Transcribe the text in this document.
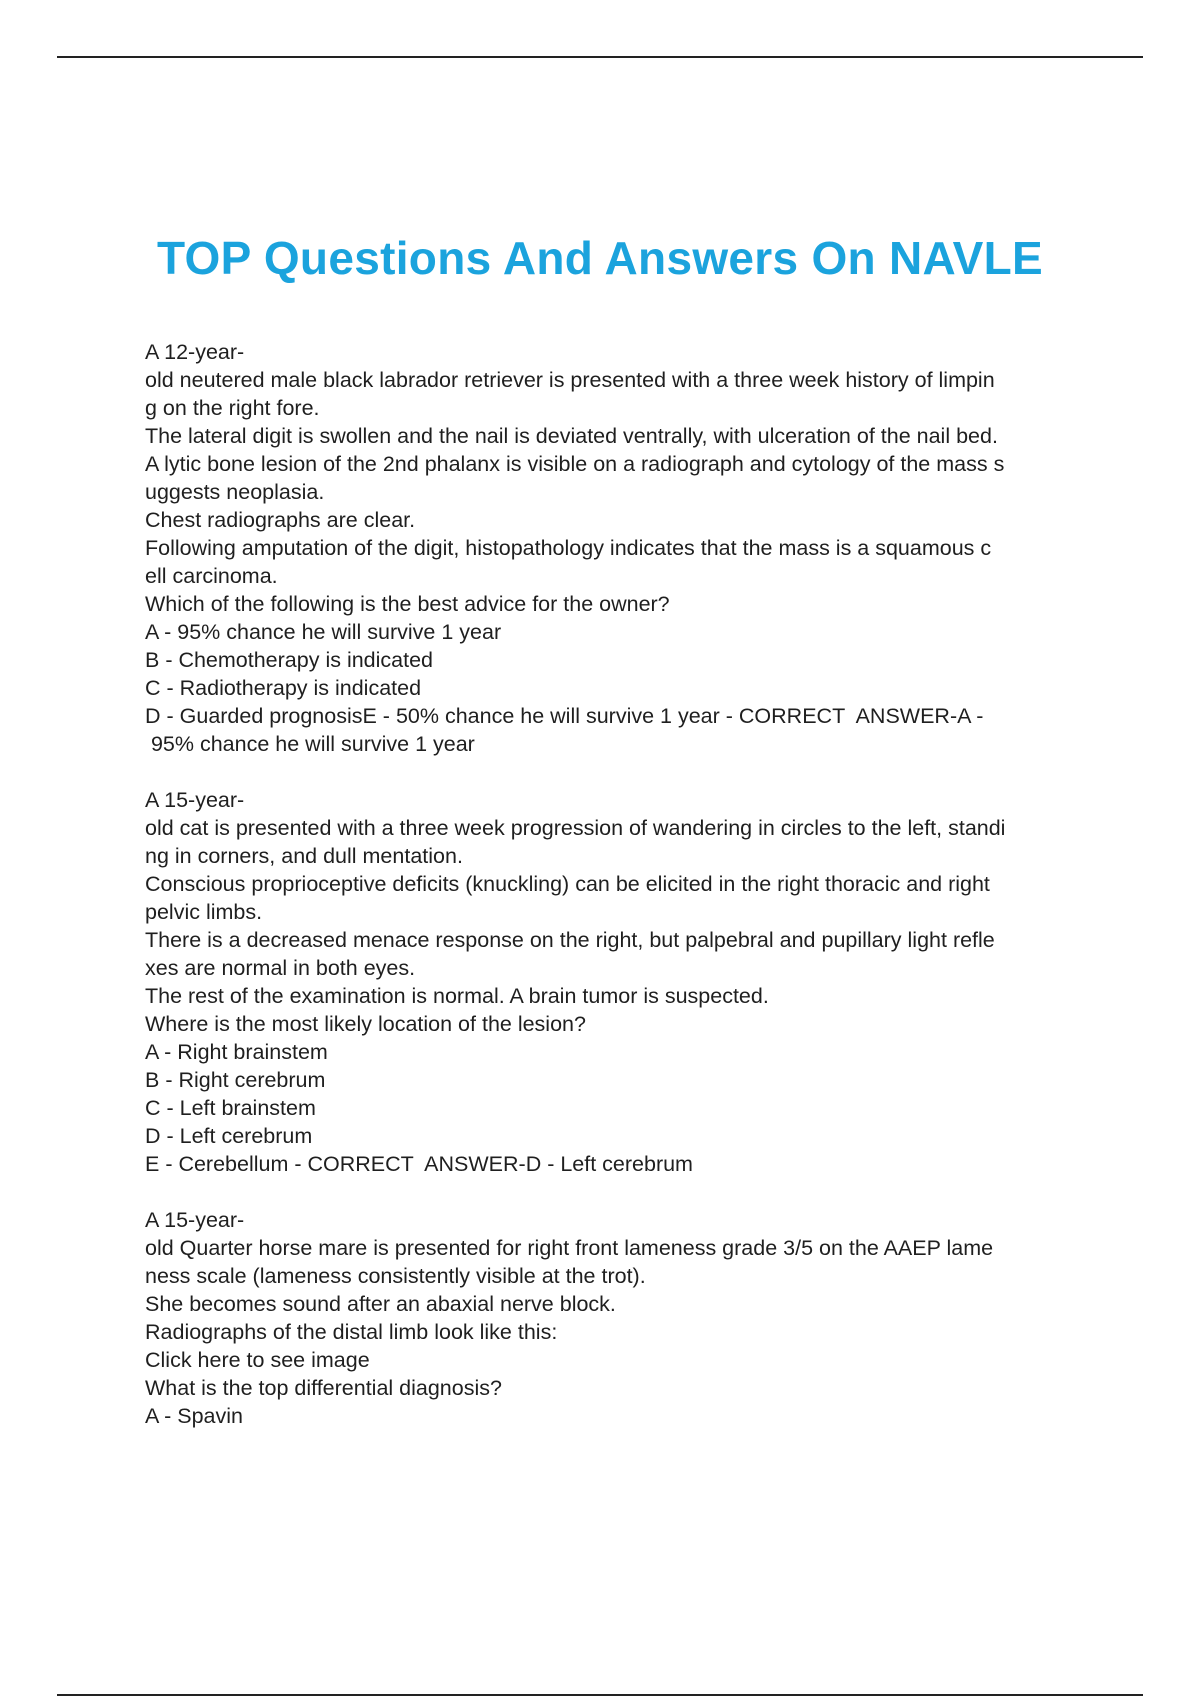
TOP Questions And Answers On NAVLE
A 12-year-
old neutered male black labrador retriever is presented with a three week history of limpin
g on the right fore.
The lateral digit is swollen and the nail is deviated ventrally, with ulceration of the nail bed.
A lytic bone lesion of the 2nd phalanx is visible on a radiograph and cytology of the mass s
uggests neoplasia.
Chest radiographs are clear.
Following amputation of the digit, histopathology indicates that the mass is a squamous c
ell carcinoma.
Which of the following is the best advice for the owner?
A - 95% chance he will survive 1 year
B - Chemotherapy is indicated
C - Radiotherapy is indicated
D - Guarded prognosisE - 50% chance he will survive 1 year - CORRECT  ANSWER-A -
95% chance he will survive 1 year
A 15-year-
old cat is presented with a three week progression of wandering in circles to the left, standi
ng in corners, and dull mentation.
Conscious proprioceptive deficits (knuckling) can be elicited in the right thoracic and right
pelvic limbs.
There is a decreased menace response on the right, but palpebral and pupillary light refle
xes are normal in both eyes.
The rest of the examination is normal. A brain tumor is suspected.
Where is the most likely location of the lesion?
A - Right brainstem
B - Right cerebrum
C - Left brainstem
D - Left cerebrum
E - Cerebellum - CORRECT  ANSWER-D - Left cerebrum
A 15-year-
old Quarter horse mare is presented for right front lameness grade 3/5 on the AAEP lame
ness scale (lameness consistently visible at the trot).
She becomes sound after an abaxial nerve block.
Radiographs of the distal limb look like this:
Click here to see image
What is the top differential diagnosis?
A - Spavin
